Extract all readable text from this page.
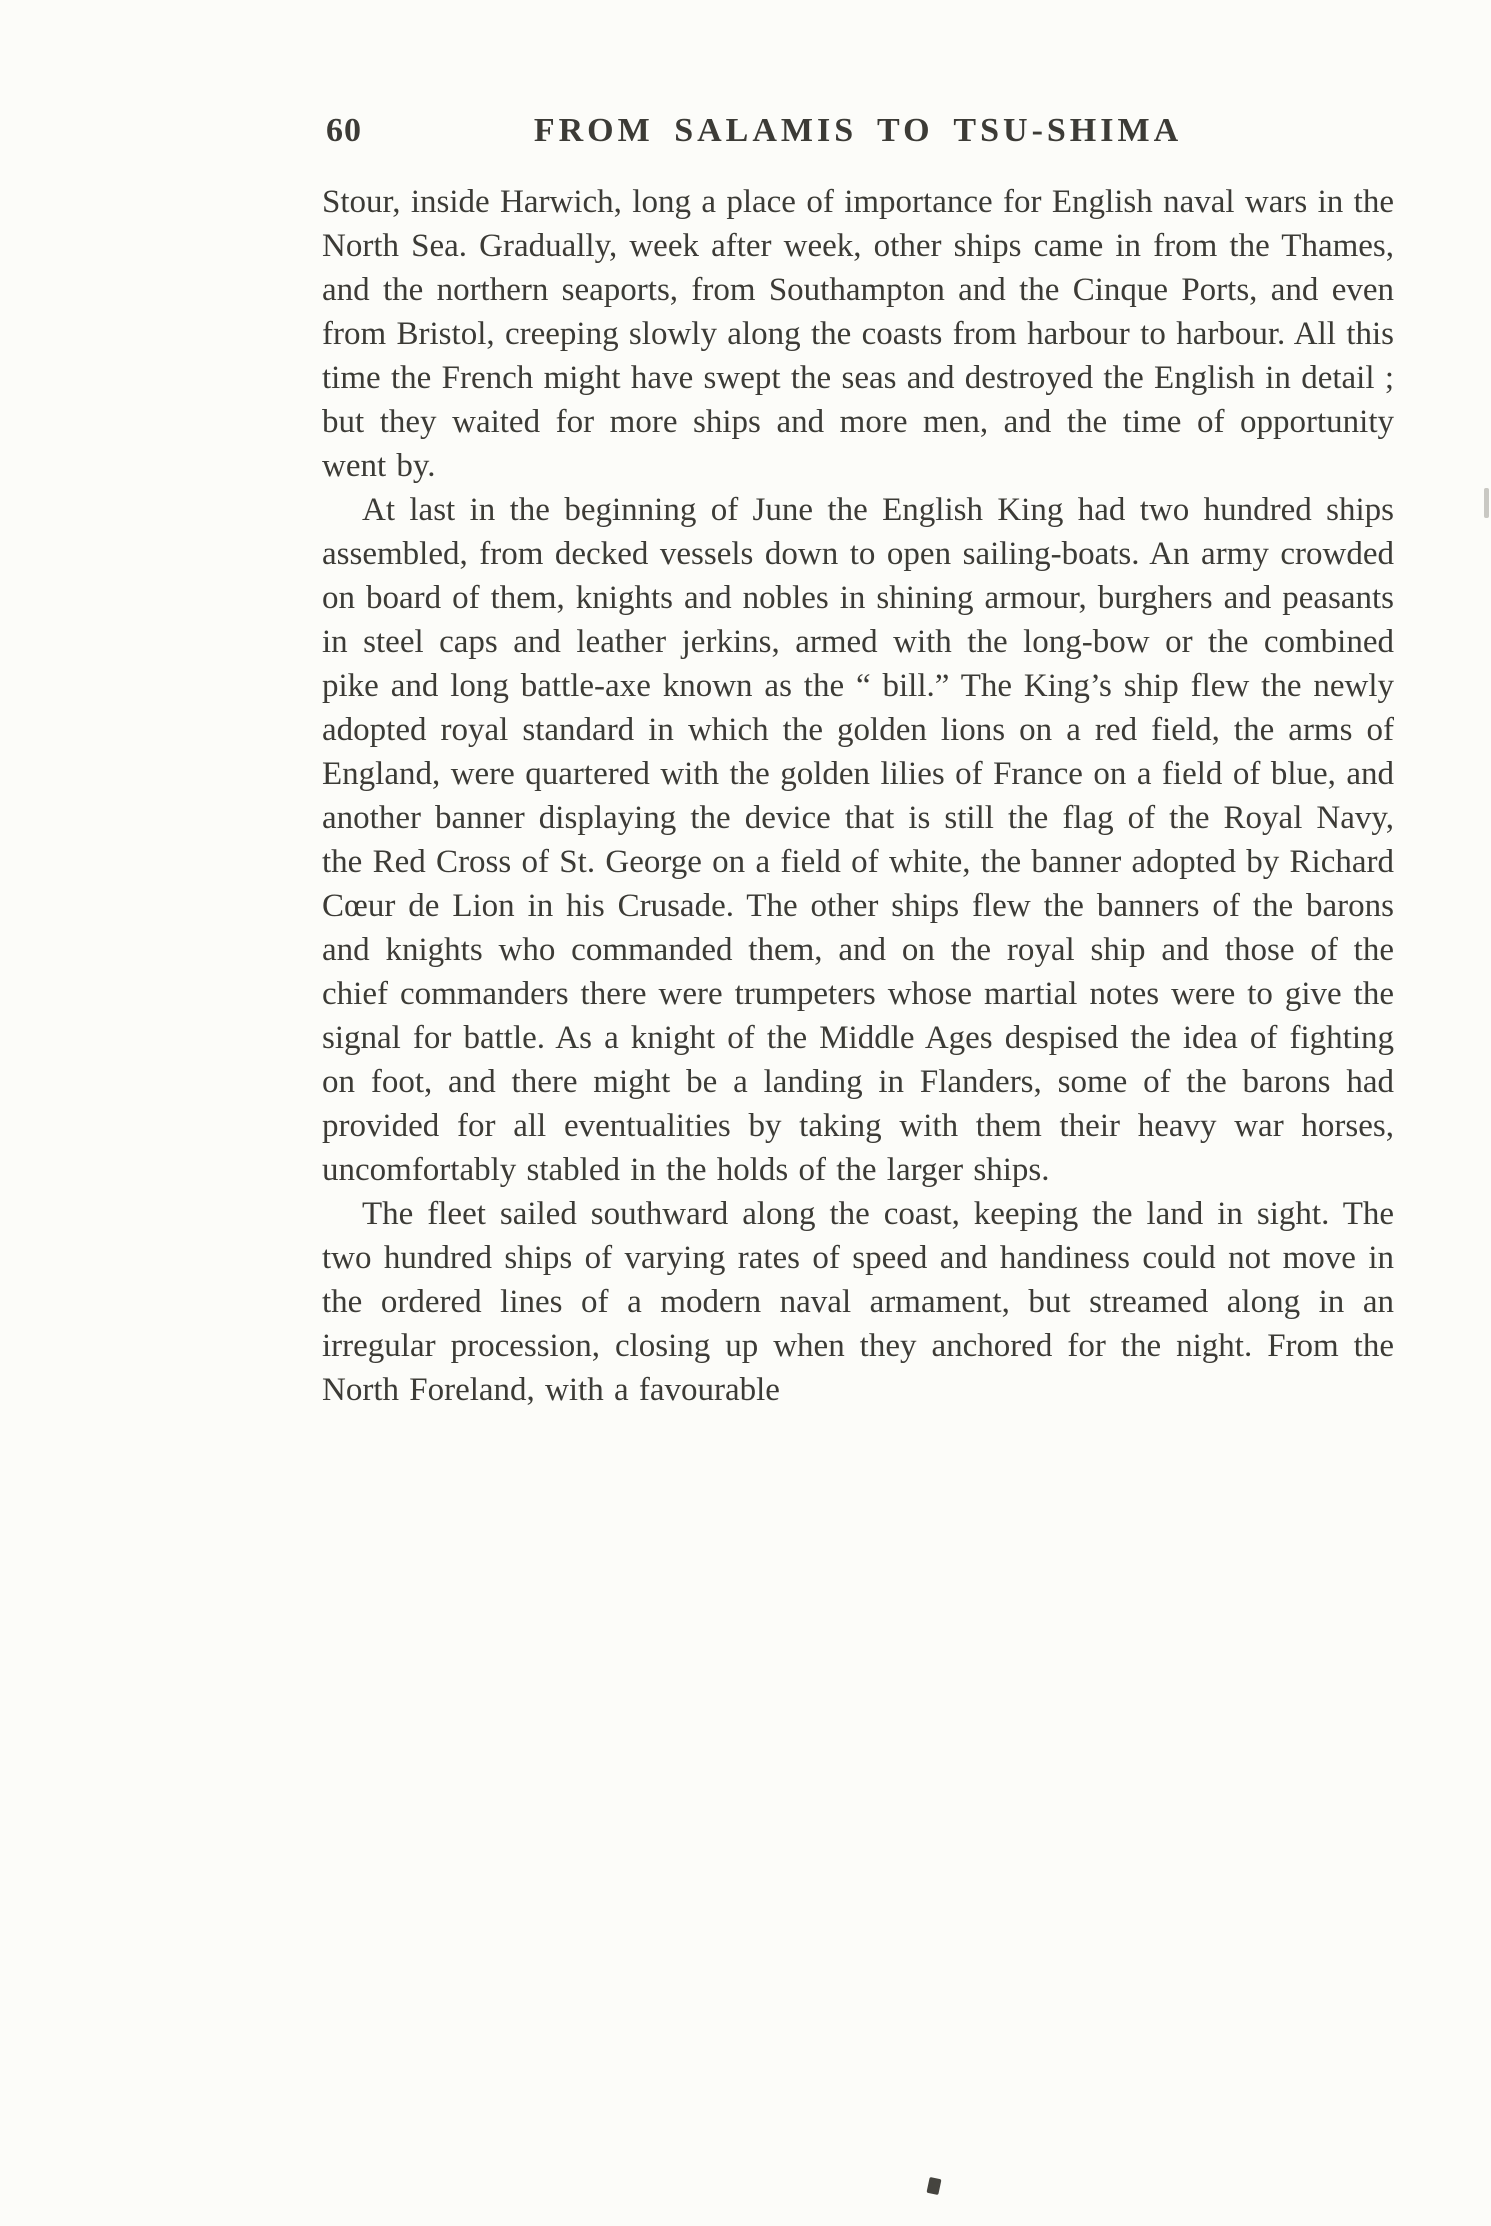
60	FROM SALAMIS TO TSU-SHIMA

Stour, inside Harwich, long a place of importance for English naval wars in the North Sea. Gradually, week after week, other ships came in from the Thames, and the northern seaports, from Southampton and the Cinque Ports, and even from Bristol, creeping slowly along the coasts from harbour to harbour. All this time the French might have swept the seas and destroyed the English in detail ; but they waited for more ships and more men, and the time of opportunity went by.

At last in the beginning of June the English King had two hundred ships assembled, from decked vessels down to open sailing-boats. An army crowded on board of them, knights and nobles in shining armour, burghers and peasants in steel caps and leather jerkins, armed with the long-bow or the combined pike and long battle-axe known as the “ bill.” The King’s ship flew the newly adopted royal standard in which the golden lions on a red field, the arms of England, were quartered with the golden lilies of France on a field of blue, and another banner displaying the device that is still the flag of the Royal Navy, the Red Cross of St. George on a field of white, the banner adopted by Richard Cœur de Lion in his Crusade. The other ships flew the banners of the barons and knights who commanded them, and on the royal ship and those of the chief commanders there were trumpeters whose martial notes were to give the signal for battle. As a knight of the Middle Ages despised the idea of fighting on foot, and there might be a landing in Flanders, some of the barons had provided for all eventualities by taking with them their heavy war horses, uncomfortably stabled in the holds of the larger ships.

The fleet sailed southward along the coast, keeping the land in sight. The two hundred ships of varying rates of speed and handiness could not move in the ordered lines of a modern naval armament, but streamed along in an irregular procession, closing up when they anchored for the night. From the North Foreland, with a favourable
